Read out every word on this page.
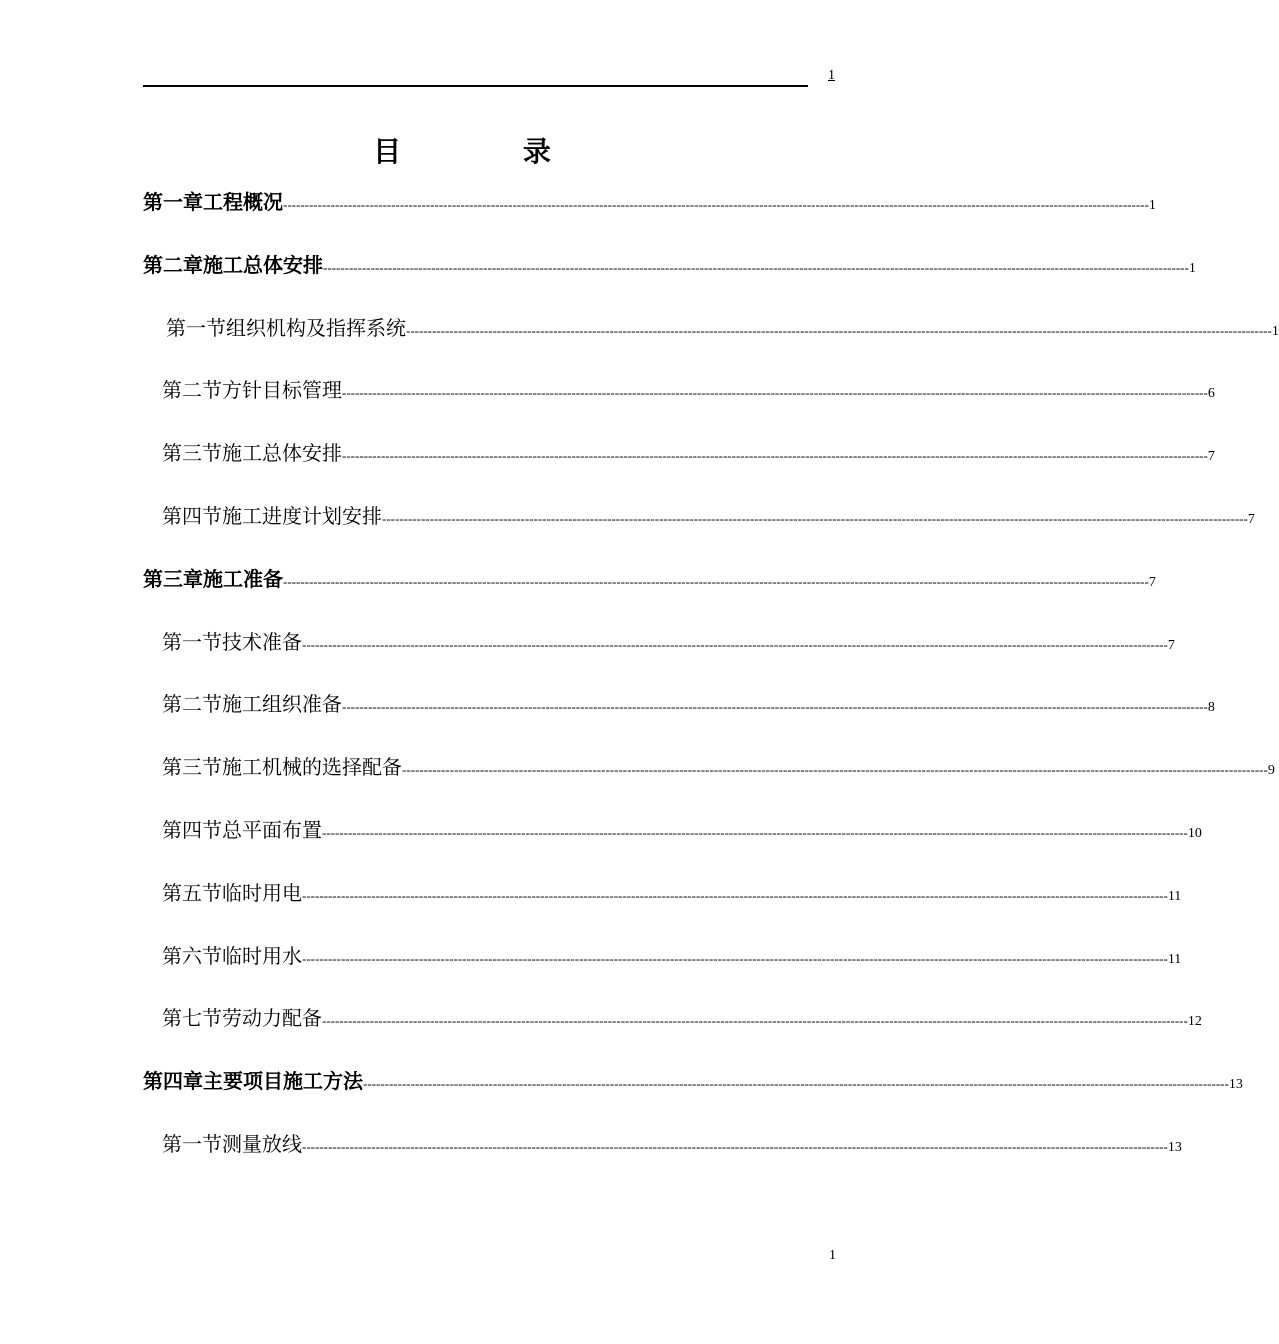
1
目 录
第一章 工程概况 -------------------------------------------------------------------------------------------------------------------------------------------------------------------------------------------------------- 1
第二章 施工总体安排 -------------------------------------------------------------------------------------------------------------------------------------------------------------------------------------------------------- 1
第一节 组织机构及指挥系统 -------------------------------------------------------------------------------------------------------------------------------------------------------------------------------------------------------- 1
第二节 方针目标管理 -------------------------------------------------------------------------------------------------------------------------------------------------------------------------------------------------------- 6
第三节 施工总体安排 -------------------------------------------------------------------------------------------------------------------------------------------------------------------------------------------------------- 7
第四节 施工进度计划安排 -------------------------------------------------------------------------------------------------------------------------------------------------------------------------------------------------------- 7
第三章 施工准备 -------------------------------------------------------------------------------------------------------------------------------------------------------------------------------------------------------- 7
第一节 技术准备 -------------------------------------------------------------------------------------------------------------------------------------------------------------------------------------------------------- 7
第二节 施工组织准备 -------------------------------------------------------------------------------------------------------------------------------------------------------------------------------------------------------- 8
第三节 施工机械的选择配备 -------------------------------------------------------------------------------------------------------------------------------------------------------------------------------------------------------- 9
第四节 总平面布置 -------------------------------------------------------------------------------------------------------------------------------------------------------------------------------------------------------- 10
第五节 临时用电 -------------------------------------------------------------------------------------------------------------------------------------------------------------------------------------------------------- 11
第六节 临时用水 -------------------------------------------------------------------------------------------------------------------------------------------------------------------------------------------------------- 11
第七节 劳动力配备 -------------------------------------------------------------------------------------------------------------------------------------------------------------------------------------------------------- 12
第四章 主要项目施工方法 -------------------------------------------------------------------------------------------------------------------------------------------------------------------------------------------------------- 13
第一节 测量放线 -------------------------------------------------------------------------------------------------------------------------------------------------------------------------------------------------------- 13
1
